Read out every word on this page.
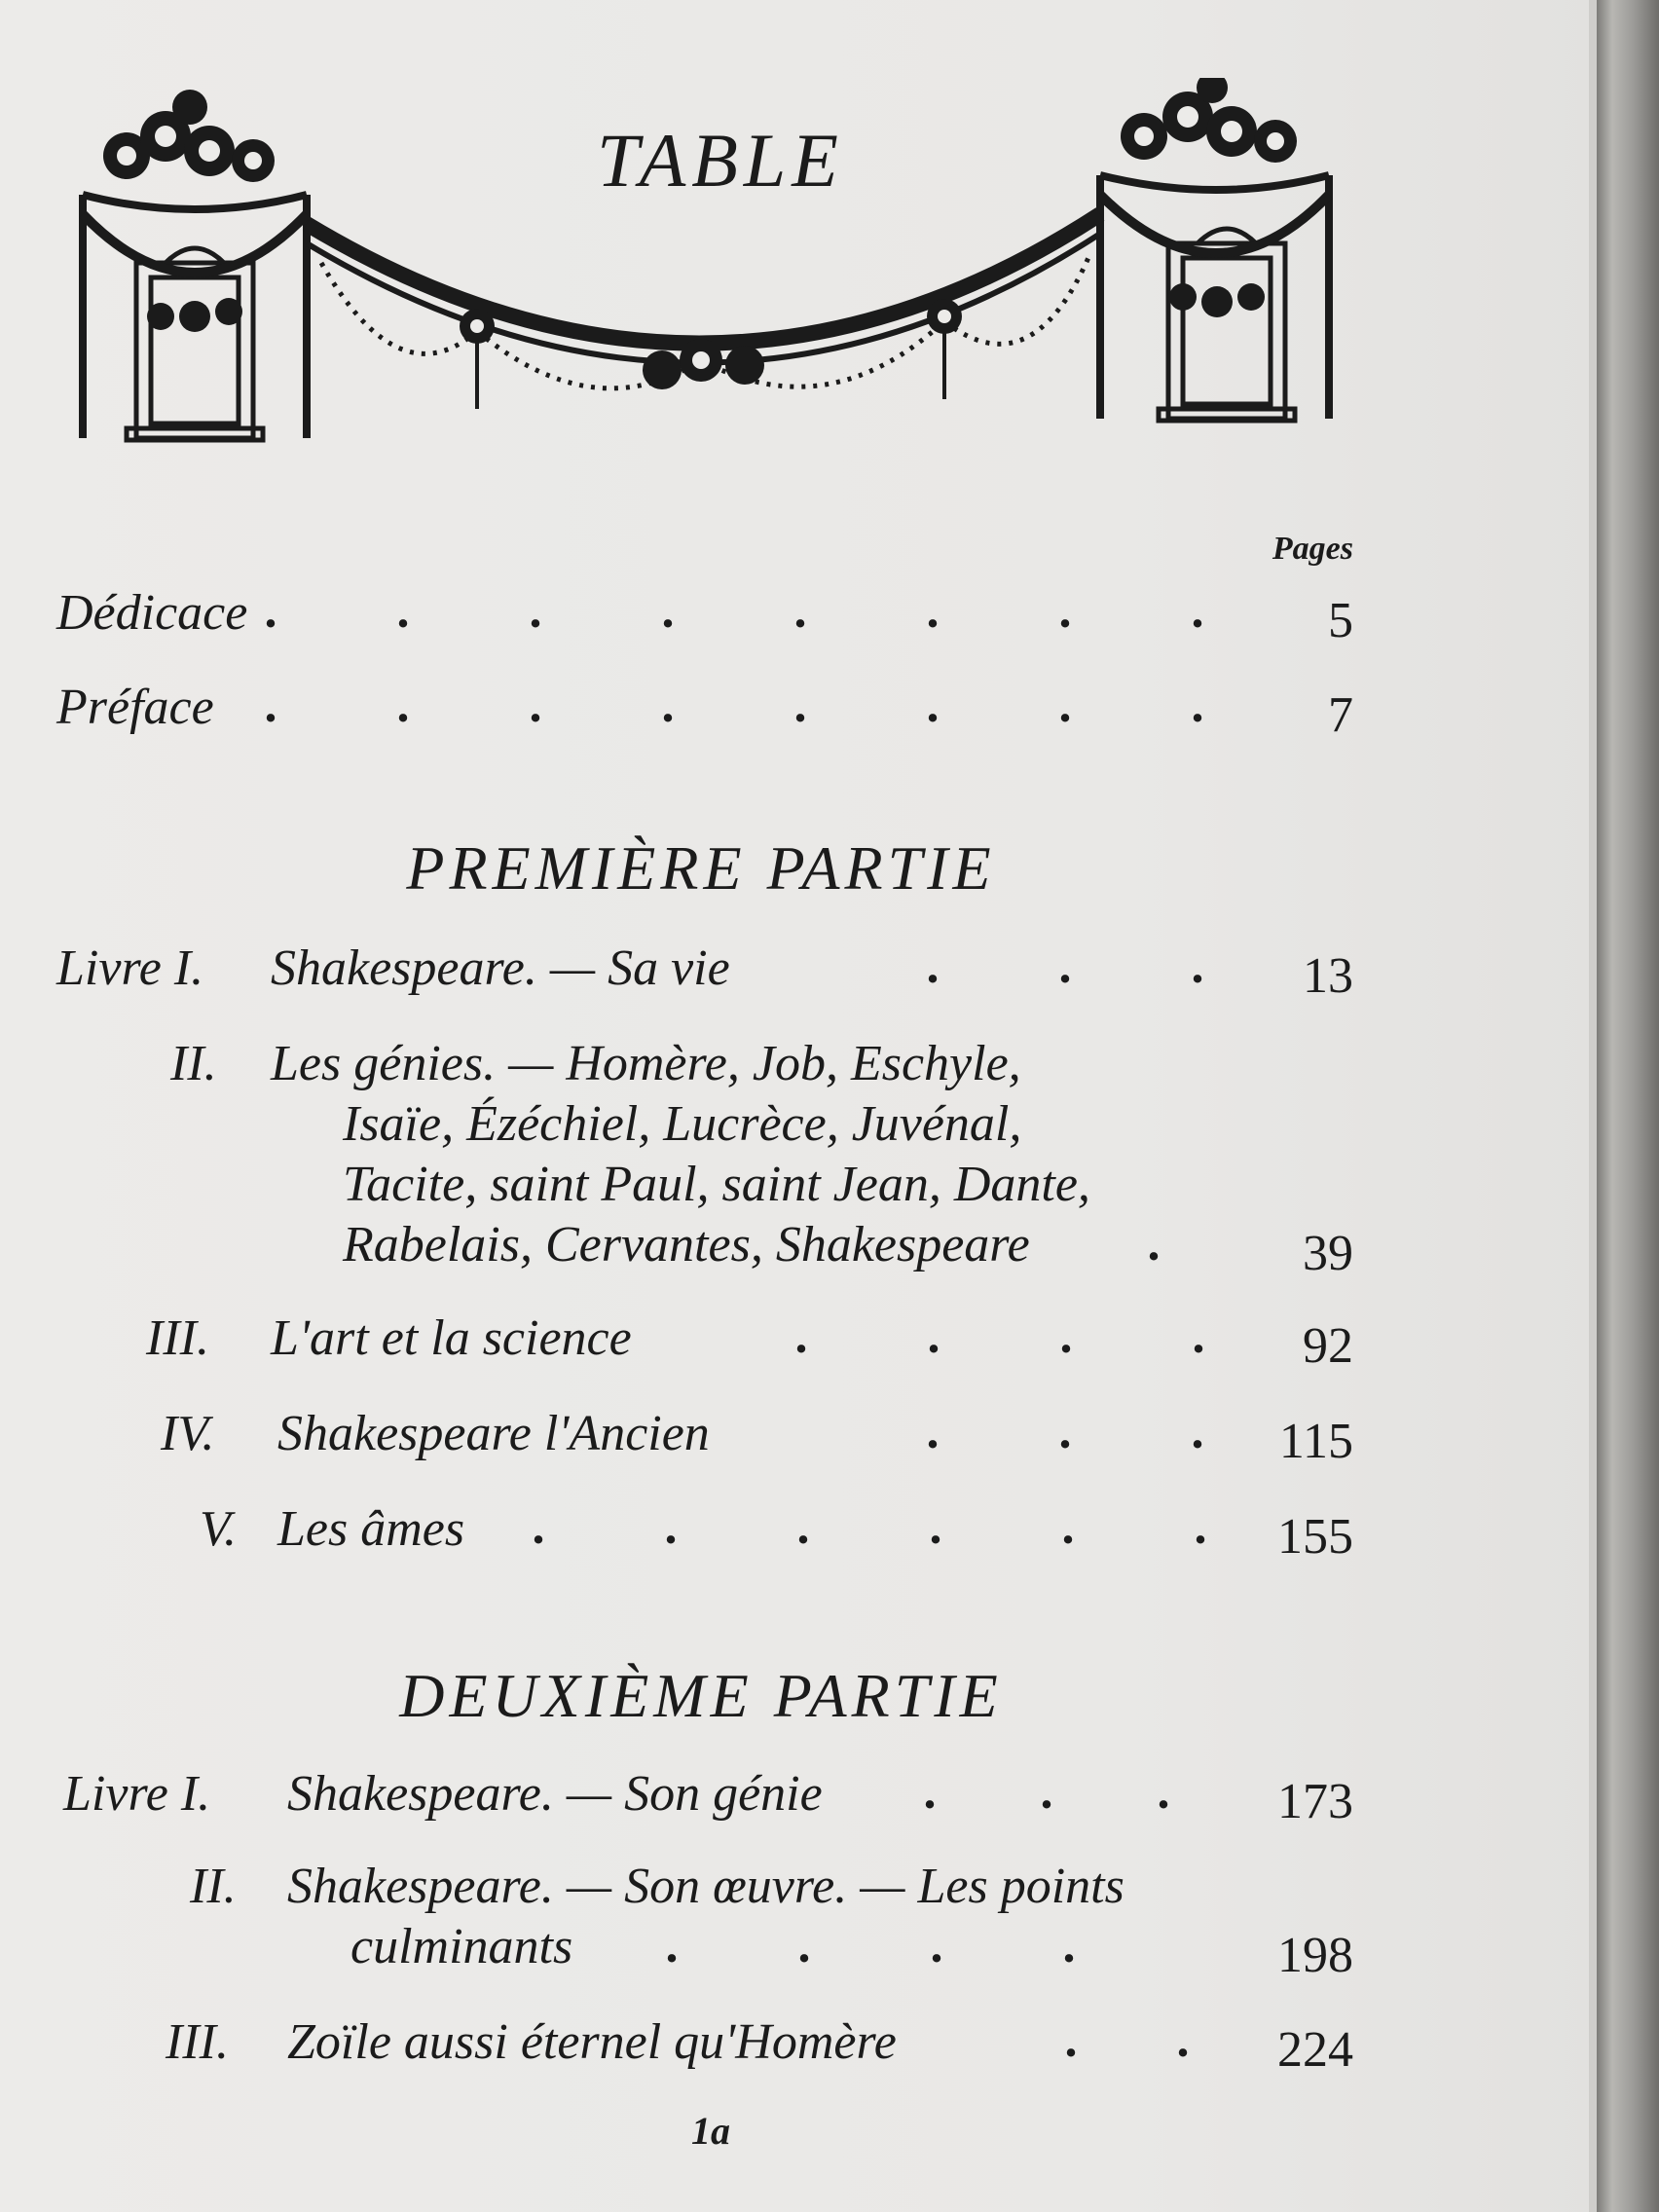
TABLE
Pages
Dédicace . . . . . . . .	5
Préface . . . . . . . .	7
PREMIÈRE PARTIE
Livre I. Shakespeare. — Sa vie	. . .	13
II. Les génies. — Homère, Job, Eschyle,
Isaïe, Ézéchiel, Lucrèce, Juvénal,
Tacite, saint Paul, saint Jean, Dante,
Rabelais, Cervantes, Shakespeare .	39
III. L'art et la science	. . . .	92
IV. Shakespeare l'Ancien	. . .	115
V. Les âmes	. . . . . .	155
DEUXIÈME PARTIE
Livre I. Shakespeare. — Son génie	. . .	173
II. Shakespeare. — Son œuvre. — Les points
culminants	. . . .	198
III. Zoïle aussi éternel qu'Homère	. .	224
1a
